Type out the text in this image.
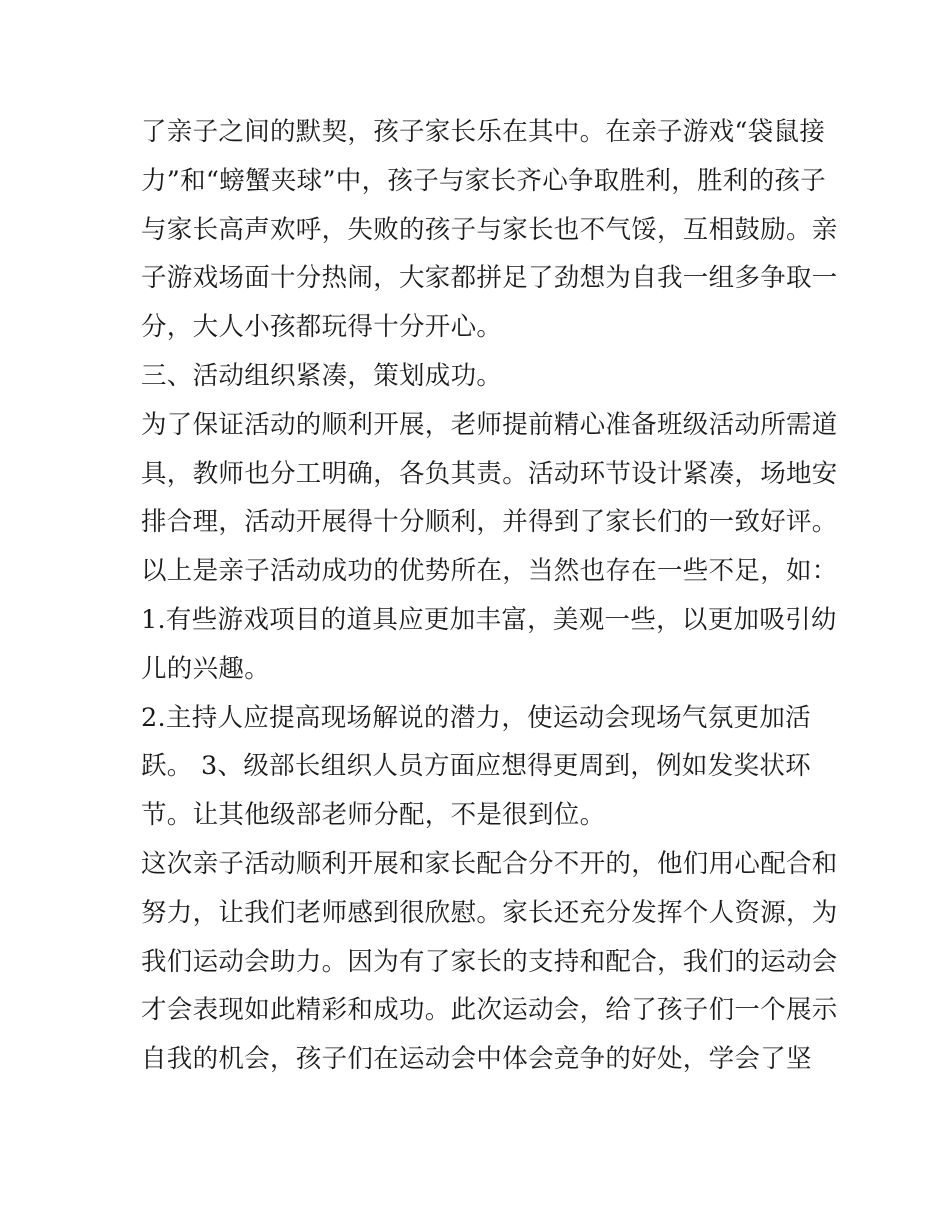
了亲子之间的默契，孩子家长乐在其中。在亲子游戏“袋鼠接
力”和“螃蟹夹球”中，孩子与家长齐心争取胜利，胜利的孩子
与家长高声欢呼，失败的孩子与家长也不气馁，互相鼓励。亲
子游戏场面十分热闹，大家都拼足了劲想为自我一组多争取一
分，大人小孩都玩得十分开心。
三、活动组织紧凑，策划成功。
为了保证活动的顺利开展，老师提前精心准备班级活动所需道
具，教师也分工明确，各负其责。活动环节设计紧凑，场地安
排合理，活动开展得十分顺利，并得到了家长们的一致好评。
以上是亲子活动成功的优势所在，当然也存在一些不足，如：
1.有些游戏项目的道具应更加丰富，美观一些，以更加吸引幼
儿的兴趣。
2.主持人应提高现场解说的潜力，使运动会现场气氛更加活
跃。 3、级部长组织人员方面应想得更周到，例如发奖状环
节。让其他级部老师分配，不是很到位。
这次亲子活动顺利开展和家长配合分不开的，他们用心配合和
努力，让我们老师感到很欣慰。家长还充分发挥个人资源，为
我们运动会助力。因为有了家长的支持和配合，我们的运动会
才会表现如此精彩和成功。此次运动会，给了孩子们一个展示
自我的机会，孩子们在运动会中体会竞争的好处，学会了坚
